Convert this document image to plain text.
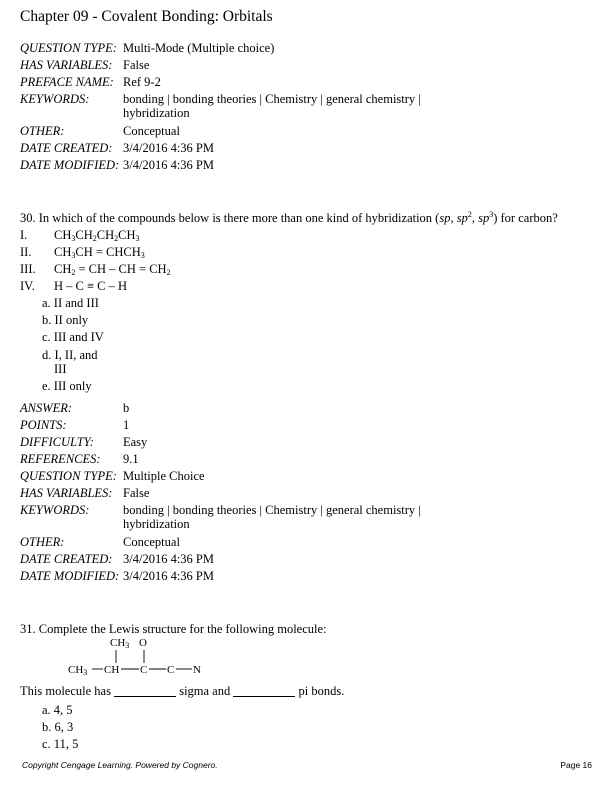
Chapter 09 - Covalent Bonding: Orbitals
QUESTION TYPE: Multi-Mode (Multiple choice)
HAS VARIABLES: False
PREFACE NAME: Ref 9-2
KEYWORDS:	bonding | bonding theories | Chemistry | general chemistry | hybridization
OTHER:	Conceptual
DATE CREATED: 3/4/2016 4:36 PM
DATE MODIFIED: 3/4/2016 4:36 PM
30. In which of the compounds below is there more than one kind of hybridization (sp, $sp^2$, $sp^3$) for carbon?
I. $CH_3CH_2CH_2CH_3$
II. $CH_3CH$ = $CHCH_3$
III. $CH_2$ = CH – CH = $CH_2$
IV. H – C ≡ C – H
a. II and III
b. II only
c. III and IV
d. I, II, and
III
e. III only
ANSWER:	b
POINTS:	1
DIFFICULTY: Easy
REFERENCES: 9.1
QUESTION TYPE: Multiple Choice
HAS VARIABLES: False
KEYWORDS:	bonding | bonding theories | Chemistry | general chemistry | hybridization
OTHER:	Conceptual
DATE CREATED: 3/4/2016 4:36 PM
DATE MODIFIED: 3/4/2016 4:36 PM
31. Complete the Lewis structure for the following molecule:
CH3 O
CH3 CH C C N
This molecule has	sigma and	pi bonds.
a. 4, 5
b. 6, 3
c. 11, 5
Copyright Cengage Learning. Powered by Cognero.	Page 16
